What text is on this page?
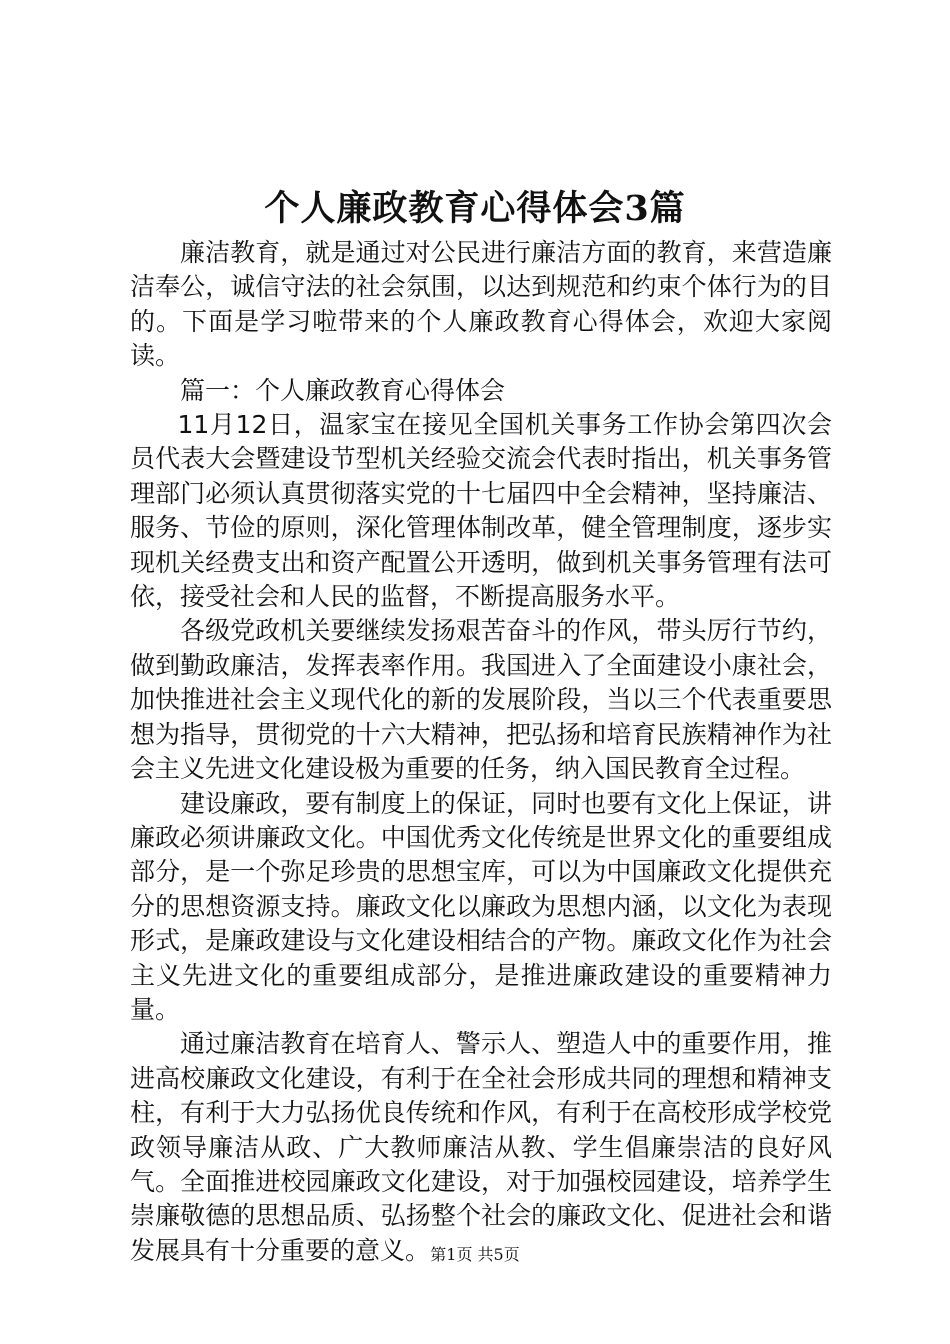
个人廉政教育心得体会3篇

廉洁教育，就是通过对公民进行廉洁方面的教育，来营造廉洁奉公，诚信守法的社会氛围，以达到规范和约束个体行为的目的。下面是学习啦带来的个人廉政教育心得体会，欢迎大家阅读。

篇一：个人廉政教育心得体会

11月12日，温家宝在接见全国机关事务工作协会第四次会员代表大会暨建设节型机关经验交流会代表时指出，机关事务管理部门必须认真贯彻落实党的十七届四中全会精神，坚持廉洁、服务、节俭的原则，深化管理体制改革，健全管理制度，逐步实现机关经费支出和资产配置公开透明，做到机关事务管理有法可依，接受社会和人民的监督，不断提高服务水平。

各级党政机关要继续发扬艰苦奋斗的作风，带头厉行节约，做到勤政廉洁，发挥表率作用。我国进入了全面建设小康社会，加快推进社会主义现代化的新的发展阶段，当以三个代表重要思想为指导，贯彻党的十六大精神，把弘扬和培育民族精神作为社会主义先进文化建设极为重要的任务，纳入国民教育全过程。

建设廉政，要有制度上的保证，同时也要有文化上保证，讲廉政必须讲廉政文化。中国优秀文化传统是世界文化的重要组成部分，是一个弥足珍贵的思想宝库，可以为中国廉政文化提供充分的思想资源支持。廉政文化以廉政为思想内涵，以文化为表现形式，是廉政建设与文化建设相结合的产物。廉政文化作为社会主义先进文化的重要组成部分，是推进廉政建设的重要精神力量。

通过廉洁教育在培育人、警示人、塑造人中的重要作用，推进高校廉政文化建设，有利于在全社会形成共同的理想和精神支柱，有利于大力弘扬优良传统和作风，有利于在高校形成学校党政领导廉洁从政、广大教师廉洁从教、学生倡廉崇洁的良好风气。全面推进校园廉政文化建设，对于加强校园建设，培养学生崇廉敬德的思想品质、弘扬整个社会的廉政文化、促进社会和谐发展具有十分重要的意义。 第1页 共5页
